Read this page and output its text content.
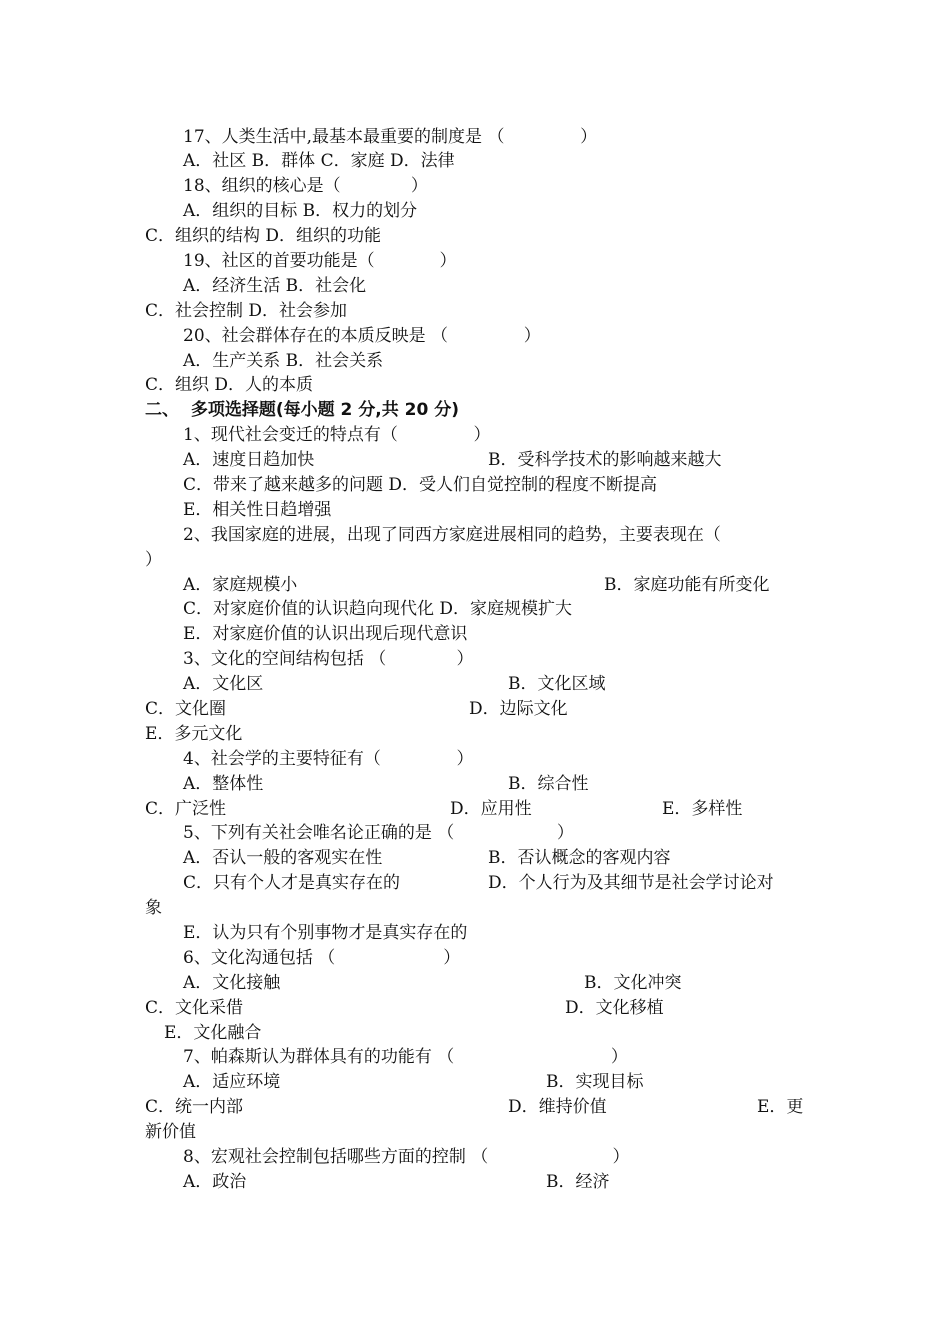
17、人类生活中,最基本最重要的制度是 （              ）
A．社区 B．群体 C．家庭 D．法律
18、组织的核心是（             ）
A．组织的目标 B．权力的划分
C．组织的结构 D．组织的功能
19、社区的首要功能是（            ）
A．经济生活 B．社会化
C．社会控制 D．社会参加
20、社会群体存在的本质反映是 （              ）
A．生产关系 B．社会关系
C．组织 D．人的本质
二、  多项选择题(每小题 2 分,共 20 分)
1、现代社会变迁的特点有（              ）
A．速度日趋加快	B．受科学技术的影响越来越大
C．带来了越来越多的问题 D．受人们自觉控制的程度不断提高
E．相关性日趋增强
2、我国家庭的进展，出现了同西方家庭进展相同的趋势，主要表现在（
）
A．家庭规模小	B．家庭功能有所变化
C．对家庭价值的认识趋向现代化 D．家庭规模扩大
E．对家庭价值的认识出现后现代意识
3、文化的空间结构包括 （             ）
A．文化区	B．文化区域
C．文化圈	D．边际文化
E．多元文化
4、社会学的主要特征有（              ）
A．整体性	B．综合性
C．广泛性	D．应用性	E．多样性
5、下列有关社会唯名论正确的是 （                   ）
A．否认一般的客观实在性	B．否认概念的客观内容
C．只有个人才是真实存在的	D．个人行为及其细节是社会学讨论对
象
E．认为只有个别事物才是真实存在的
6、文化沟通包括 （                    ）
A．文化接触	B．文化冲突
C．文化采借	D．文化移植
E．文化融合
7、帕森斯认为群体具有的功能有 （                             ）
A．适应环境	B．实现目标
C．统一内部	D．维持价值	E．更
新价值
8、宏观社会控制包括哪些方面的控制 （                       ）
A．政治	B．经济
